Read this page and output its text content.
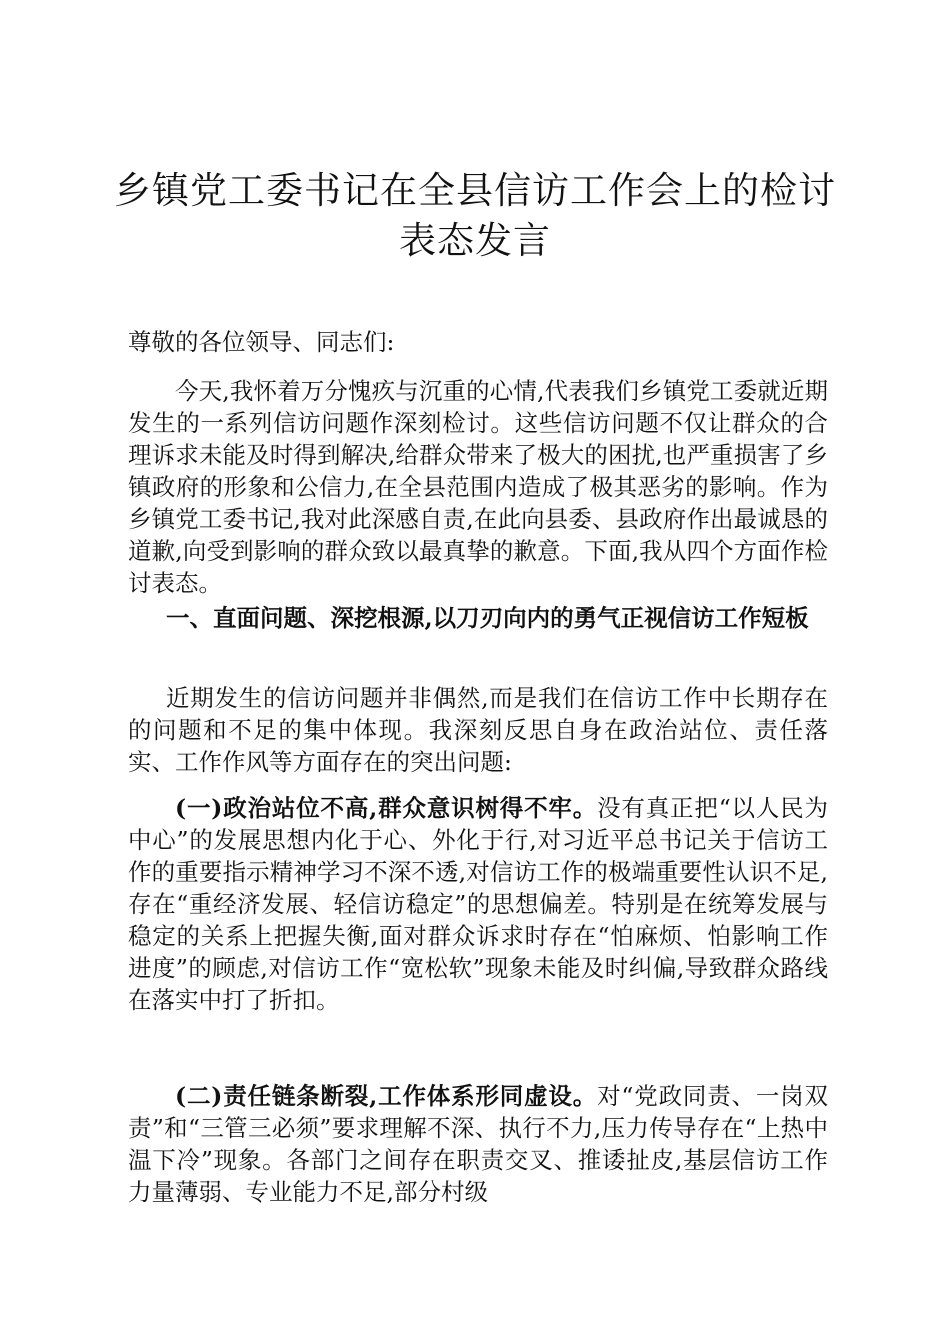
乡镇党工委书记在全县信访工作会上的检讨表态发言

尊敬的各位领导、同志们:

今天,我怀着万分愧疚与沉重的心情,代表我们乡镇党工委就近期发生的一系列信访问题作深刻检讨。这些信访问题不仅让群众的合理诉求未能及时得到解决,给群众带来了极大的困扰,也严重损害了乡镇政府的形象和公信力,在全县范围内造成了极其恶劣的影响。作为乡镇党工委书记,我对此深感自责,在此向县委、县政府作出最诚恳的道歉,向受到影响的群众致以最真挚的歉意。下面,我从四个方面作检讨表态。

一、直面问题、深挖根源,以刀刃向内的勇气正视信访工作短板

近期发生的信访问题并非偶然,而是我们在信访工作中长期存在的问题和不足的集中体现。我深刻反思自身在政治站位、责任落实、工作作风等方面存在的突出问题:

(一)政治站位不高,群众意识树得不牢。没有真正把“以人民为中心”的发展思想内化于心、外化于行,对习近平总书记关于信访工作的重要指示精神学习不深不透,对信访工作的极端重要性认识不足,存在“重经济发展、轻信访稳定”的思想偏差。特别是在统筹发展与稳定的关系上把握失衡,面对群众诉求时存在“怕麻烦、怕影响工作进度”的顾虑,对信访工作“宽松软”现象未能及时纠偏,导致群众路线在落实中打了折扣。

(二)责任链条断裂,工作体系形同虚设。对“党政同责、一岗双责”和“三管三必须”要求理解不深、执行不力,压力传导存在“上热中温下冷”现象。各部门之间存在职责交叉、推诿扯皮,基层信访工作力量薄弱、专业能力不足,部分村级
